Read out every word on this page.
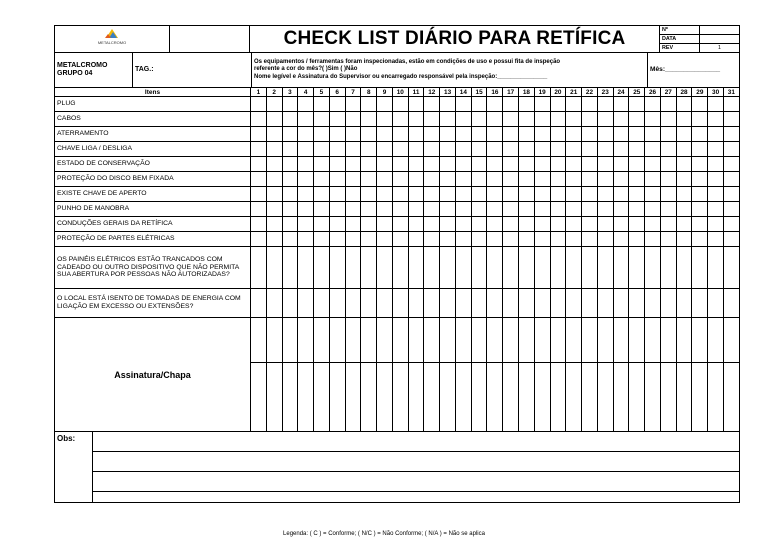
METALCROMO		CHECK LIST DIÁRIO PARA RETÍFICA	Nº	
			DATA	
			REV	1
METALCROMO
GRUPO 04
	TAG.:	
Os equipamentos / ferramentas foram inspecionadas, estão em condições de uso e possui fita de inspeção
referente a cor do mês?( )Sim ( )Não
Nome legível e Assinatura do Supervisor ou encarregado responsável pela inspeção:_______________
	Mês:_______________
Itens	1	2	3	4	5	6	7	8	9	10	11	12	13	14	15	16	17	18	19	20	21	22	23	24	25	26	27	28	29	30	31
PLUG																															
CABOS																															
ATERRAMENTO																															
CHAVE LIGA / DESLIGA																															
ESTADO DE CONSERVAÇÃO																															
PROTEÇÃO DO DISCO BEM FIXADA																															
EXISTE CHAVE DE APERTO																															
PUNHO DE MANOBRA																															
CONDUÇÕES GERAIS DA RETÍFICA																															
PROTEÇÃO DE PARTES ELÉTRICAS																															
OS PAINÉIS ELÉTRICOS ESTÃO TRANCADOS COM CADEADO OU OUTRO DISPOSITIVO QUE NÃO PERMITA SUA ABERTURA POR PESSOAS NÃO AUTORIZADAS?																															
O LOCAL ESTÁ ISENTO DE TOMADAS DE ENERGIA COM LIGAÇÃO EM EXCESSO OU EXTENSÕES?																															
Assinatura/Chapa																															

Obs:	

Legenda: ( C ) = Conforme; ( N/C ) = Não Conforme; ( N/A ) = Não se aplica
